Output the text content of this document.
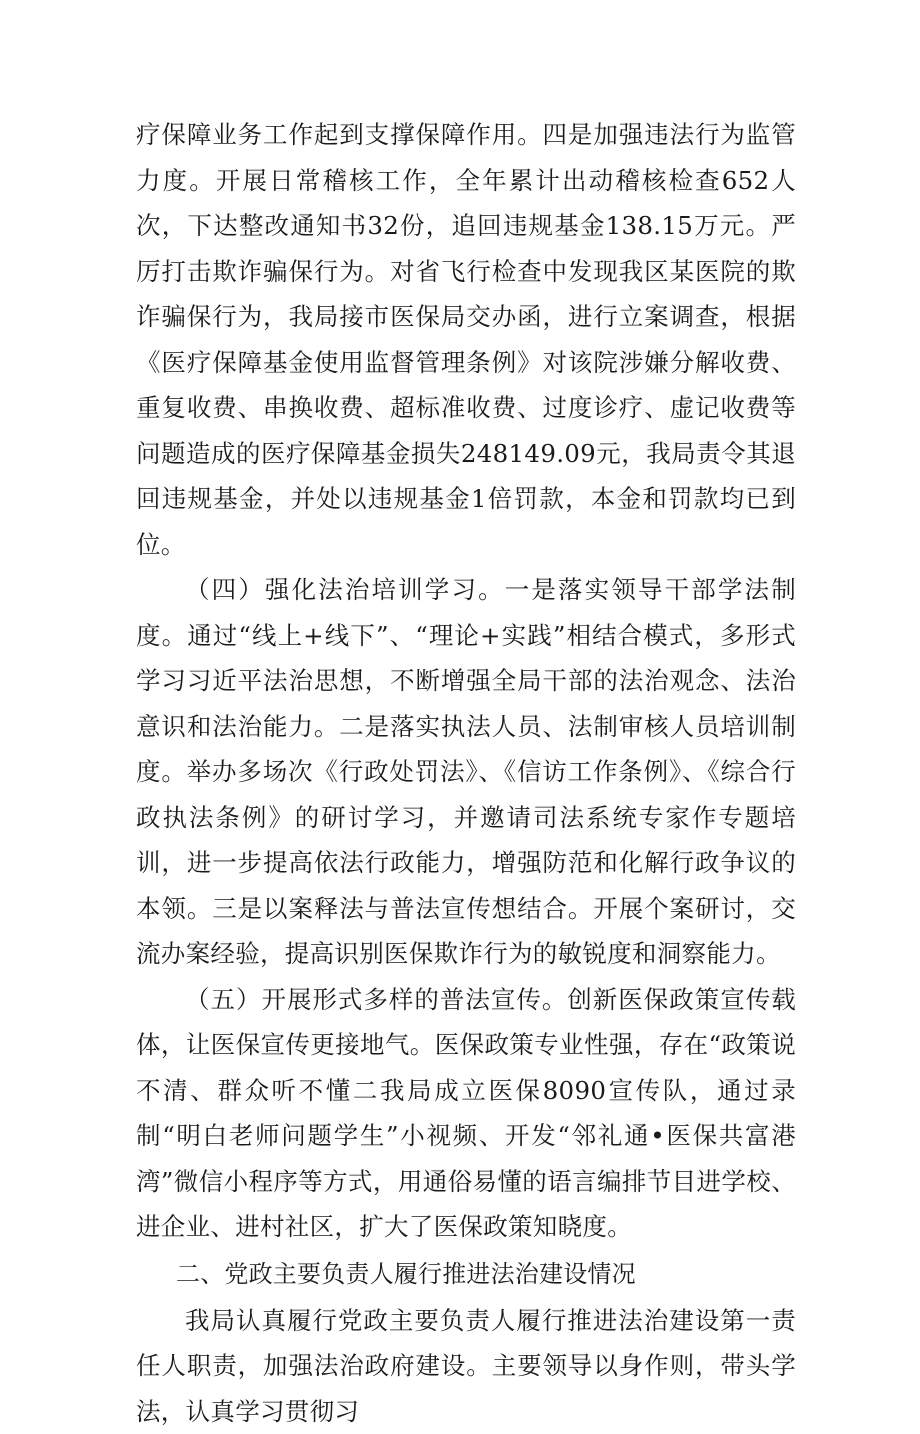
疗保障业务工作起到支撑保障作用。四是加强违法行为监管力度。开展日常稽核工作，全年累计出动稽核检查652人次，下达整改通知书32份，追回违规基金138.15万元。严厉打击欺诈骗保行为。对省飞行检查中发现我区某医院的欺诈骗保行为，我局接市医保局交办函，进行立案调查，根据《医疗保障基金使用监督管理条例》对该院涉嫌分解收费、重复收费、串换收费、超标准收费、过度诊疗、虚记收费等问题造成的医疗保障基金损失248149.09元，我局责令其退回违规基金，并处以违规基金1倍罚款，本金和罚款均已到位。

（四）强化法治培训学习。一是落实领导干部学法制度。通过“线上+线下”、“理论+实践”相结合模式，多形式学习习近平法治思想，不断增强全局干部的法治观念、法治意识和法治能力。二是落实执法人员、法制审核人员培训制度。举办多场次《行政处罚法》、《信访工作条例》、《综合行政执法条例》的研讨学习，并邀请司法系统专家作专题培训，进一步提高依法行政能力，增强防范和化解行政争议的本领。三是以案释法与普法宣传想结合。开展个案研讨，交流办案经验，提高识别医保欺诈行为的敏锐度和洞察能力。

（五）开展形式多样的普法宣传。创新医保政策宣传载体，让医保宣传更接地气。医保政策专业性强，存在“政策说不清、群众听不懂二我局成立医保8090宣传队，通过录制“明白老师问题学生”小视频、开发“邻礼通•医保共富港湾”微信小程序等方式，用通俗易懂的语言编排节目进学校、进企业、进村社区，扩大了医保政策知晓度。

二、党政主要负责人履行推进法治建设情况

我局认真履行党政主要负责人履行推进法治建设第一责任人职责，加强法治政府建设。主要领导以身作则，带头学法，认真学习贯彻习
